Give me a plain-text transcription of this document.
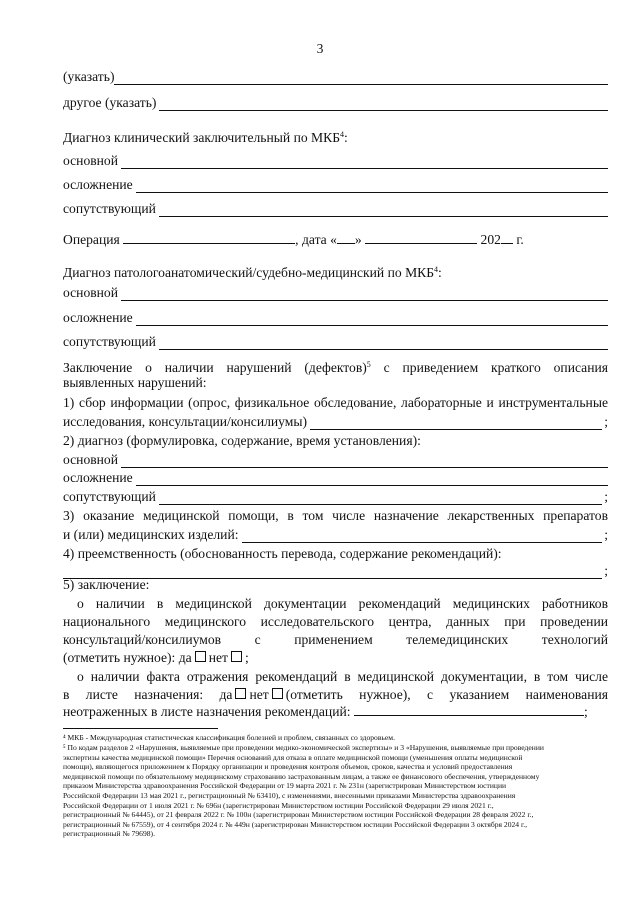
3
(указать)
другое (указать)
Диагноз клинический заключительный по МКБ$^4$:
основной
осложнение
сопутствующий
Операция	, дата « »	202 г.
Диагноз патологоанатомический/судебно-медицинский по МКБ$^4$:
основной
осложнение
сопутствующий
Заключение о наличии нарушений (дефектов)$^5$ с приведением краткого описания
выявленных нарушений:
1) сбор информации (опрос, физикальное обследование, лабораторные и инструментальные
исследования, консультации/консилиумы)	;
2) диагноз (формулировка, содержание, время установления):
основной
осложнение
сопутствующий	;
3) оказание медицинской помощи, в том числе назначение лекарственных препаратов
и (или) медицинских изделий:	;
4) преемственность (обоснованность перевода, содержание рекомендаций):
;
5) заключение:
о наличии в медицинской документации рекомендаций медицинских работников
национального медицинского исследовательского центра, данных при проведении
консультаций/консилиумов с применением телемедицинских технологий
(отметить нужное): да нет ;
о наличии факта отражения рекомендаций в медицинской документации, в том числе
в листе назначения: да нет (отметить нужное), с указанием наименования
неотраженных в листе назначения рекомендаций:	;
⁴ МКБ - Международная статистическая классификация болезней и проблем, связанных со здоровьем.
⁵ По кодам разделов 2 «Нарушения, выявляемые при проведении медико-экономической экспертизы» и 3 «Нарушения, выявляемые при проведении
экспертизы качества медицинской помощи» Перечня оснований для отказа в оплате медицинской помощи (уменьшения оплаты медицинской
помощи), являющегося приложением к Порядку организации и проведения контроля объемов, сроков, качества и условий предоставления
медицинской помощи по обязательному медицинскому страхованию застрахованным лицам, а также ее финансового обеспечения, утвержденному
приказом Министерства здравоохранения Российской Федерации от 19 марта 2021 г. № 231н (зарегистрирован Министерством юстиции
Российской Федерации 13 мая 2021 г., регистрационный № 63410), с изменениями, внесенными приказами Министерства здравоохранения
Российской Федерации от 1 июля 2021 г. № 696н (зарегистрирован Министерством юстиции Российской Федерации 29 июля 2021 г.,
регистрационный № 64445), от 21 февраля 2022 г. № 100н (зарегистрирован Министерством юстиции Российской Федерации 28 февраля 2022 г.,
регистрационный № 67559), от 4 сентября 2024 г. № 449н (зарегистрирован Министерством юстиции Российской Федерации 3 октября 2024 г.,
регистрационный № 79698).
